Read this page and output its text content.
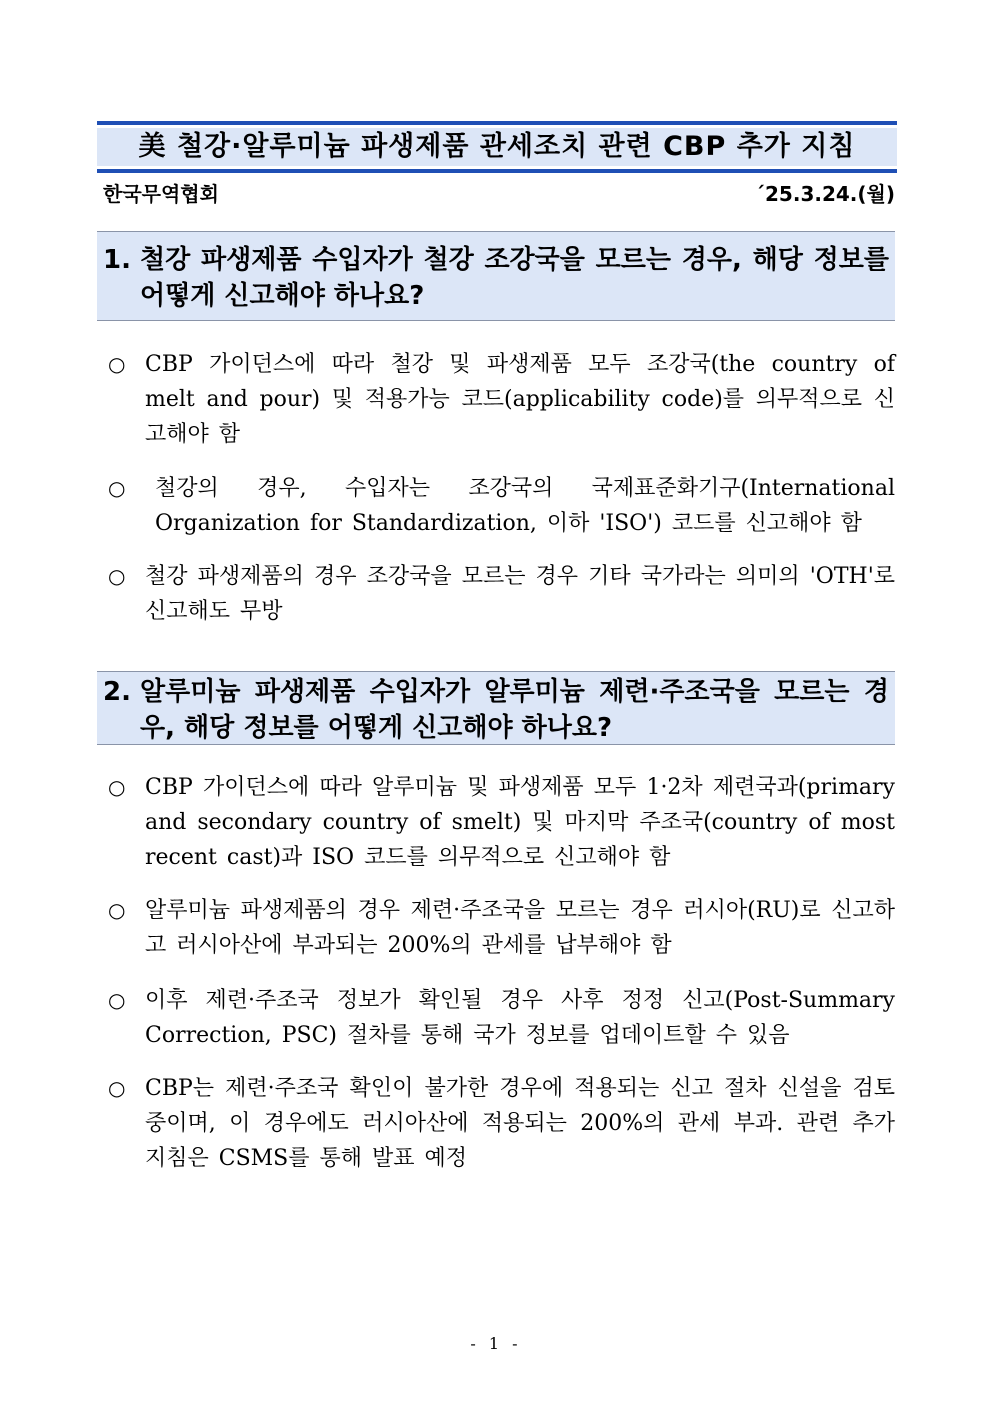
美 철강·알루미늄 파생제품 관세조치 관련 CBP 추가 지침
한국무역협회	´25.3.24.(월)
1. 철강 파생제품 수입자가 철강 조강국을 모르는 경우, 해당 정보를 어떻게 신고해야 하나요?
○ CBP 가이던스에 따라 철강 및 파생제품 모두 조강국(the country of melt and pour) 및 적용가능 코드(applicability code)를 의무적으로 신고해야 함
○ 철강의 경우, 수입자는 조강국의 국제표준화기구(International Organization for Standardization, 이하 'ISO') 코드를 신고해야 함
○ 철강 파생제품의 경우 조강국을 모르는 경우 기타 국가라는 의미의 'OTH'로 신고해도 무방
2. 알루미늄 파생제품 수입자가 알루미늄 제련·주조국을 모르는 경우, 해당 정보를 어떻게 신고해야 하나요?
○ CBP 가이던스에 따라 알루미늄 및 파생제품 모두 1·2차 제련국과(primary and secondary country of smelt) 및 마지막 주조국(country of most recent cast)과 ISO 코드를 의무적으로 신고해야 함
○ 알루미늄 파생제품의 경우 제련·주조국을 모르는 경우 러시아(RU)로 신고하고 러시아산에 부과되는 200%의 관세를 납부해야 함
○ 이후 제련·주조국 정보가 확인될 경우 사후 정정 신고(Post-Summary Correction, PSC) 절차를 통해 국가 정보를 업데이트할 수 있음
○ CBP는 제련·주조국 확인이 불가한 경우에 적용되는 신고 절차 신설을 검토 중이며, 이 경우에도 러시아산에 적용되는 200%의 관세 부과. 관련 추가 지침은 CSMS를 통해 발표 예정
- 1 -
